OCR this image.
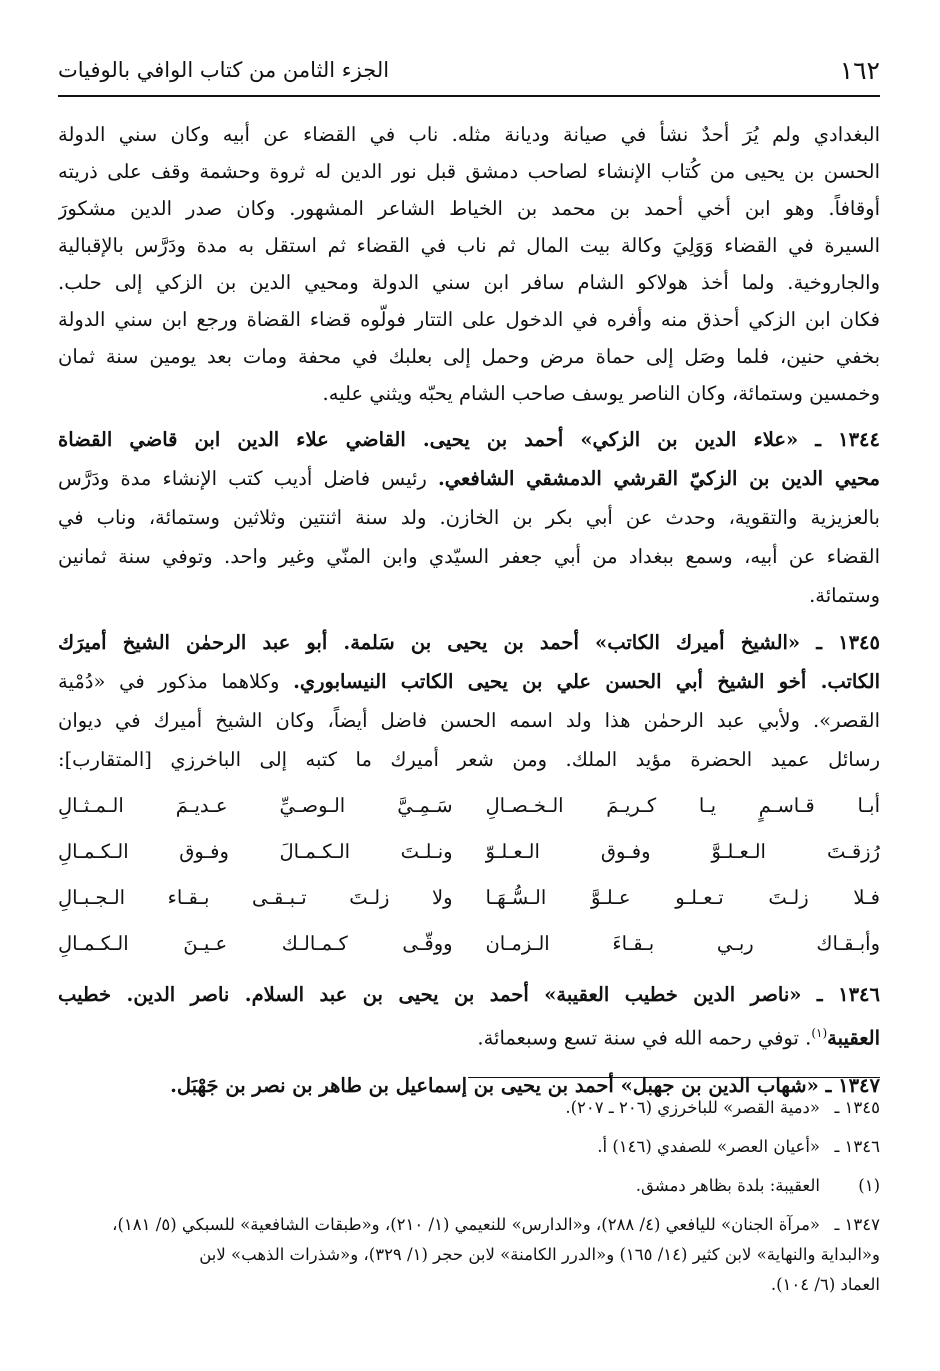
١٦٢
الجزء الثامن من كتاب الوافي بالوفيات
البغدادي ولم يُرَ أحدٌ نشأ في صيانة وديانة مثله. ناب في القضاء عن أبيه وكان سني الدولة
الحسن بن يحيى من كُتاب الإنشاء لصاحب دمشق قبل نور الدين له ثروة وحشمة وقف على ذريته
أوقافاً. وهو ابن أخي أحمد بن محمد بن الخياط الشاعر المشهور. وكان صدر الدين مشكورَ
السيرة في القضاء وَوَلِيَ وكالة بيت المال ثم ناب في القضاء ثم استقل به مدة ودَرَّس بالإقبالية
والجاروخية. ولما أخذ هولاكو الشام سافر ابن سني الدولة ومحيي الدين بن الزكي إلى حلب.
فكان ابن الزكي أحذق منه وأفره في الدخول على التتار فولّوه قضاء القضاة ورجع ابن سني الدولة
بخفي حنين، فلما وصَل إلى حماة مرض وحمل إلى بعلبك في محفة ومات بعد يومين سنة ثمان
وخمسين وستمائة، وكان الناصر يوسف صاحب الشام يحبّه ويثني عليه.
١٣٤٤ ـ «علاء الدين بن الزكي» أحمد بن يحيى. القاضي علاء الدين ابن قاضي القضاة
محيي الدين بن الزكيّ القرشي الدمشقي الشافعي. رئيس فاضل أديب كتب الإنشاء مدة ودَرَّس
بالعزيزية والتقوية، وحدث عن أبي بكر بن الخازن. ولد سنة اثنتين وثلاثين وستمائة، وناب في
القضاء عن أبيه، وسمع ببغداد من أبي جعفر السيّدي وابن المنّي وغير واحد. وتوفي سنة ثمانين
وستمائة.
١٣٤٥ ـ «الشيخ أميرك الكاتب» أحمد بن يحيى بن سَلمة. أبو عبد الرحمٰن الشيخ أميرَك
الكاتب. أخو الشيخ أبي الحسن علي بن يحيى الكاتب النيسابوري. وكلاهما مذكور في «دُمْية
القصر». ولأبي عبد الرحمٰن هذا ولد اسمه الحسن فاضل أيضاً، وكان الشيخ أميرك في ديوان
رسائل عميد الحضرة مؤيد الملك. ومن شعر أميرك ما كتبه إلى الباخرزي [المتقارب]:
أبـا قـاسـمٍ يـا كـريـمَ الـخـصـالِ
سَـمِـيَّ الـوصـيِّ عـديـمَ الـمـثـالِ
رُزقـتَ الـعـلـوَّ وفـوق الـعـلـوّ
ونـلـتَ الـكـمـالَ وفـوق الـكـمـالِ
فـلا زلـتَ تـعـلـو عـلـوَّ الـسُّـهَـا
ولا زلـتَ تـبـقـى بـقـاء الـجـبـالِ
وأبـقـاك ربـي بـقـاءَ الـزمـان
ووقّـى كـمـالـك عـيـنَ الـكـمـالِ
١٣٤٦ ـ «ناصر الدين خطيب العقيبة» أحمد بن يحيى بن عبد السلام. ناصر الدين. خطيب
العقيبة$^{(١)}$. توفي رحمه الله في سنة تسع وسبعمائة.
١٣٤٧ ـ «شهاب الدين بن جهبل» أحمد بن يحيى بن إسماعيل بن طاهر بن نصر بن جَهْبَل.
١٣٤٥ ـ«دمية القصر» للباخرزي (٢٠٦ ـ ٢٠٧).
١٣٤٦ ـ«أعيان العصر» للصفدي (١٤٦) أ.
(١)العقيبة: بلدة بظاهر دمشق.
١٣٤٧ ـ«مرآة الجنان» لليافعي (٤/ ٢٨٨)، و«الدارس» للنعيمي (١/ ٢١٠)، و«طبقات الشافعية» للسبكي (٥/ ١٨١)،
و«البداية والنهاية» لابن كثير (١٤/ ١٦٥) و«الدرر الكامنة» لابن حجر (١/ ٣٢٩)، و«شذرات الذهب» لابن
العماد (٦/ ١٠٤).
